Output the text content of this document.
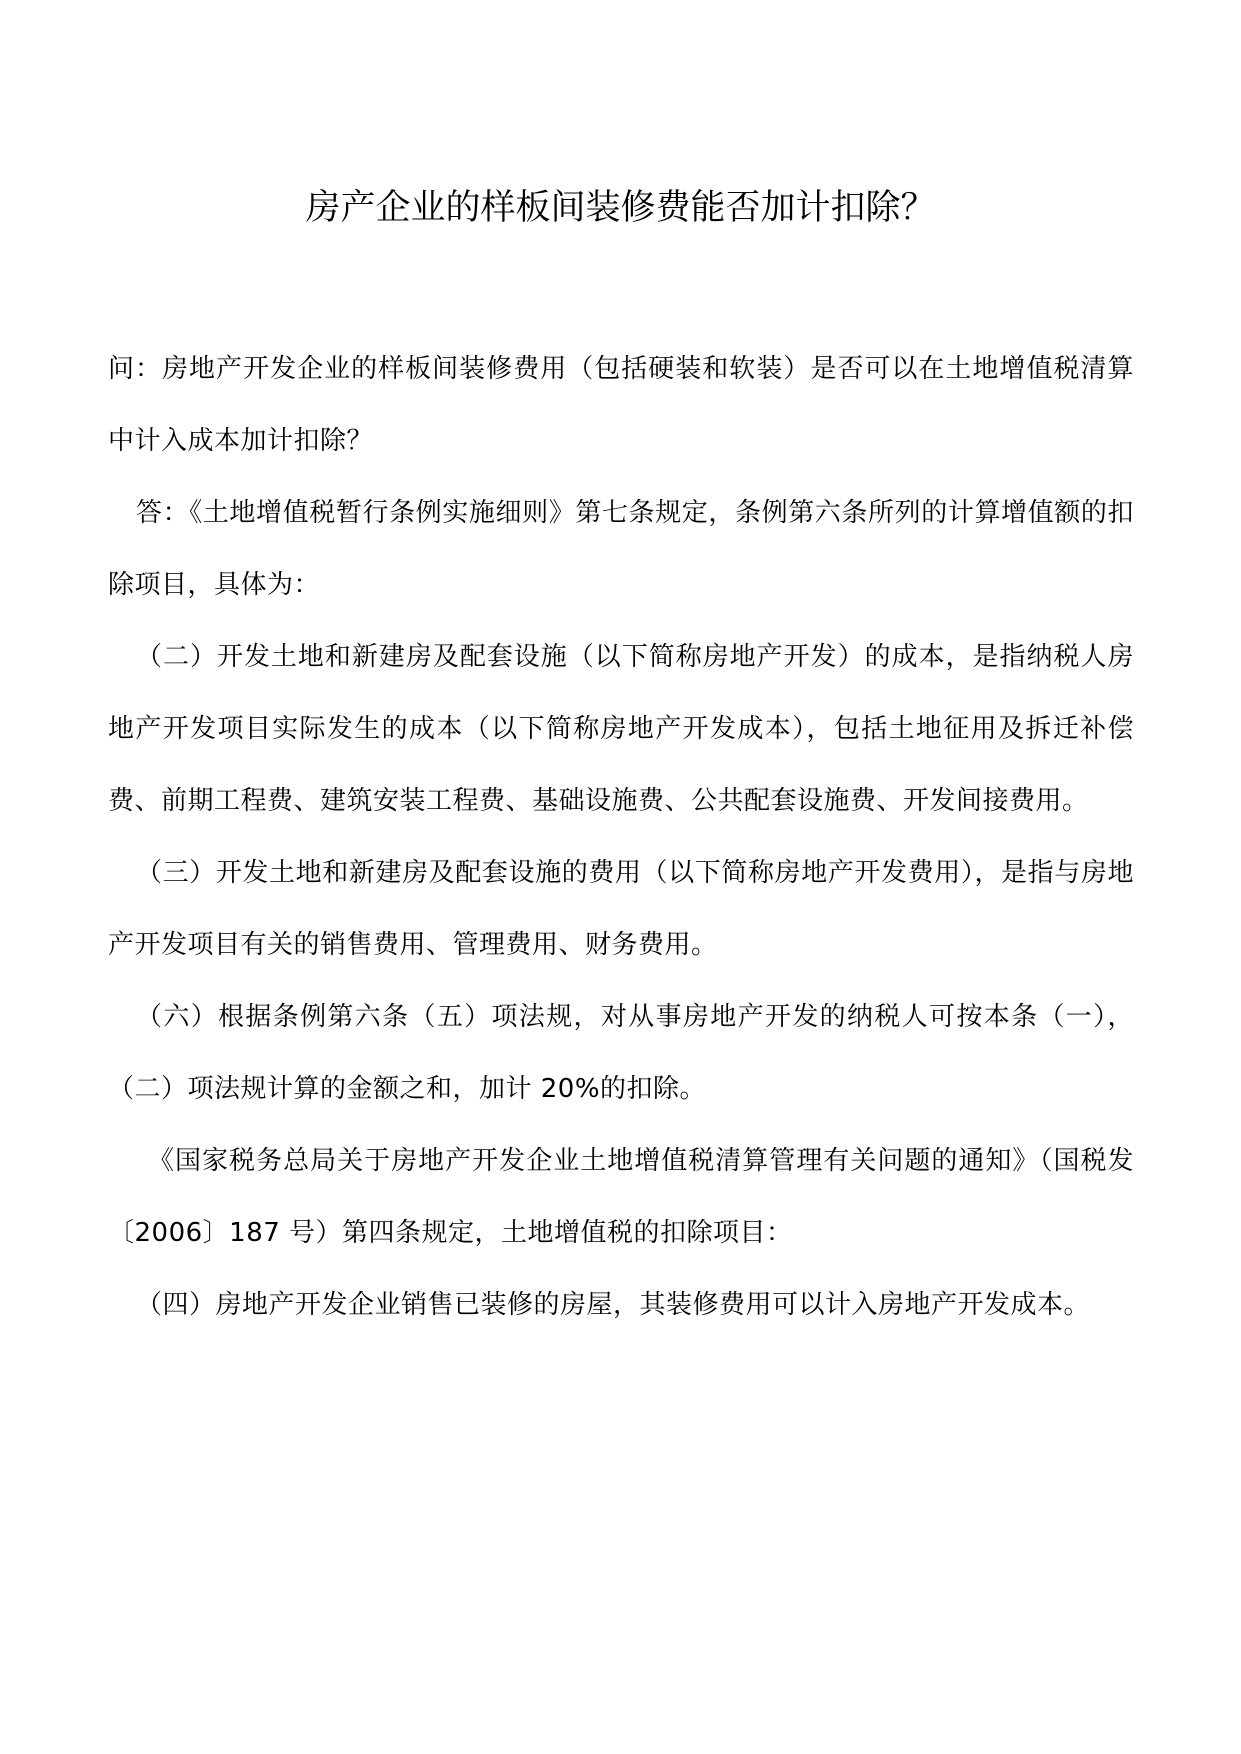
房产企业的样板间装修费能否加计扣除？

问：房地产开发企业的样板间装修费用（包括硬装和软装）是否可以在土地增值税清算中计入成本加计扣除？

答：《土地增值税暂行条例实施细则》第七条规定，条例第六条所列的计算增值额的扣除项目，具体为：

（二）开发土地和新建房及配套设施（以下简称房地产开发）的成本，是指纳税人房地产开发项目实际发生的成本（以下简称房地产开发成本），包括土地征用及拆迁补偿费、前期工程费、建筑安装工程费、基础设施费、公共配套设施费、开发间接费用。

（三）开发土地和新建房及配套设施的费用（以下简称房地产开发费用），是指与房地产开发项目有关的销售费用、管理费用、财务费用。

（六）根据条例第六条（五）项法规，对从事房地产开发的纳税人可按本条（一），（二）项法规计算的金额之和，加计 20%的扣除。

《国家税务总局关于房地产开发企业土地增值税清算管理有关问题的通知》（国税发〔2006〕187 号）第四条规定，土地增值税的扣除项目：

（四）房地产开发企业销售已装修的房屋，其装修费用可以计入房地产开发成本。
